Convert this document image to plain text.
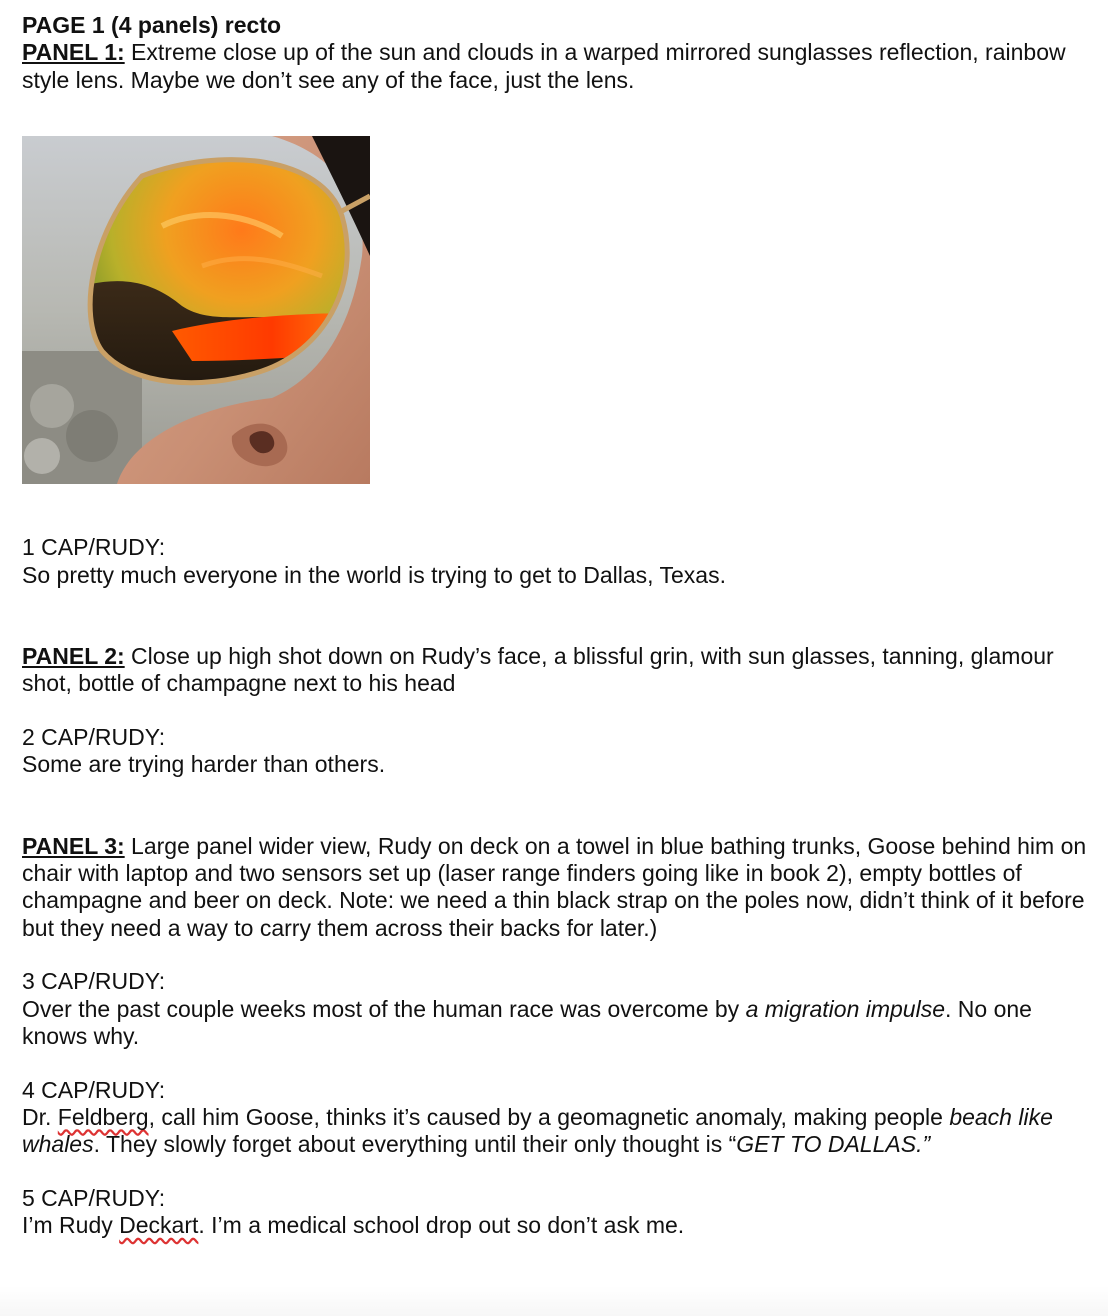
PAGE 1 (4 panels) recto

PANEL 1: Extreme close up of the sun and clouds in a warped mirrored sunglasses reflection, rainbow style lens. Maybe we don’t see any of the face, just the lens.

1 CAP/RUDY:

So pretty much everyone in the world is trying to get to Dallas, Texas.

PANEL 2: Close up high shot down on Rudy’s face, a blissful grin, with sun glasses, tanning, glamour shot, bottle of champagne next to his head

2 CAP/RUDY:

Some are trying harder than others.

PANEL 3: Large panel wider view, Rudy on deck on a towel in blue bathing trunks, Goose behind him on chair with laptop and two sensors set up (laser range finders going like in book 2), empty bottles of champagne and beer on deck. Note: we need a thin black strap on the poles now, didn’t think of it before but they need a way to carry them across their backs for later.)

3 CAP/RUDY:

Over the past couple weeks most of the human race was overcome by a migration impulse. No one knows why.

4 CAP/RUDY:

Dr. Feldberg, call him Goose, thinks it’s caused by a geomagnetic anomaly, making people beach like whales. They slowly forget about everything until their only thought is “GET TO DALLAS.”

5 CAP/RUDY:

I’m Rudy Deckart. I’m a medical school drop out so don’t ask me.
